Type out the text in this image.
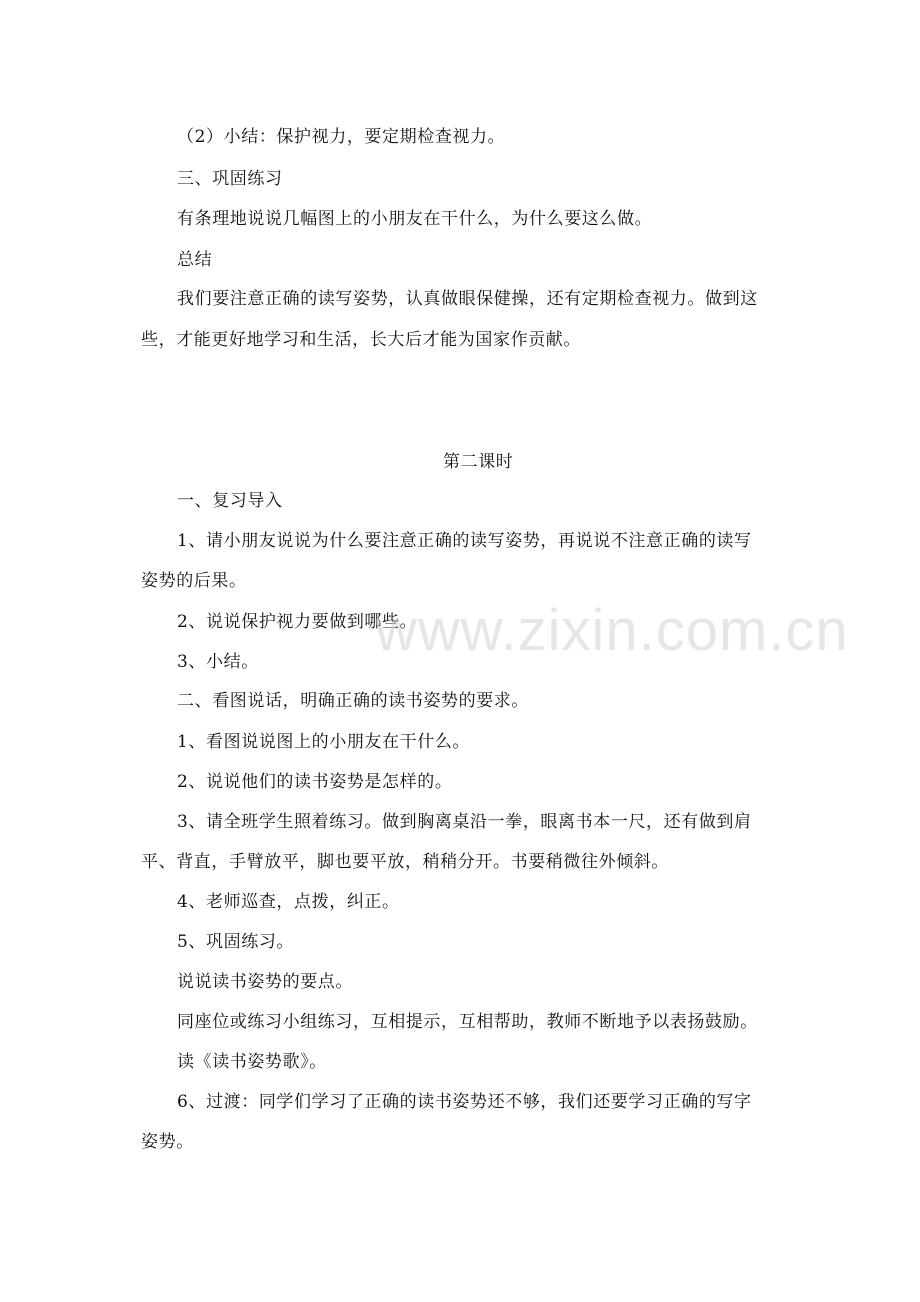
（2）小结：保护视力，要定期检查视力。
三、巩固练习
有条理地说说几幅图上的小朋友在干什么，为什么要这么做。
总结
我们要注意正确的读写姿势，认真做眼保健操，还有定期检查视力。做到这
些，才能更好地学习和生活，长大后才能为国家作贡献。
第二课时
一、复习导入
1、请小朋友说说为什么要注意正确的读写姿势，再说说不注意正确的读写
姿势的后果。
2、说说保护视力要做到哪些。
3、小结。
二、看图说话，明确正确的读书姿势的要求。
1、看图说说图上的小朋友在干什么。
2、说说他们的读书姿势是怎样的。
3、请全班学生照着练习。做到胸离桌沿一拳，眼离书本一尺，还有做到肩
平、背直，手臂放平，脚也要平放，稍稍分开。书要稍微往外倾斜。
4、老师巡查，点拨，纠正。
5、巩固练习。
说说读书姿势的要点。
同座位或练习小组练习，互相提示，互相帮助，教师不断地予以表扬鼓励。
读《读书姿势歌》。
6、过渡：同学们学习了正确的读书姿势还不够，我们还要学习正确的写字
姿势。
www.zixin.com.cn
